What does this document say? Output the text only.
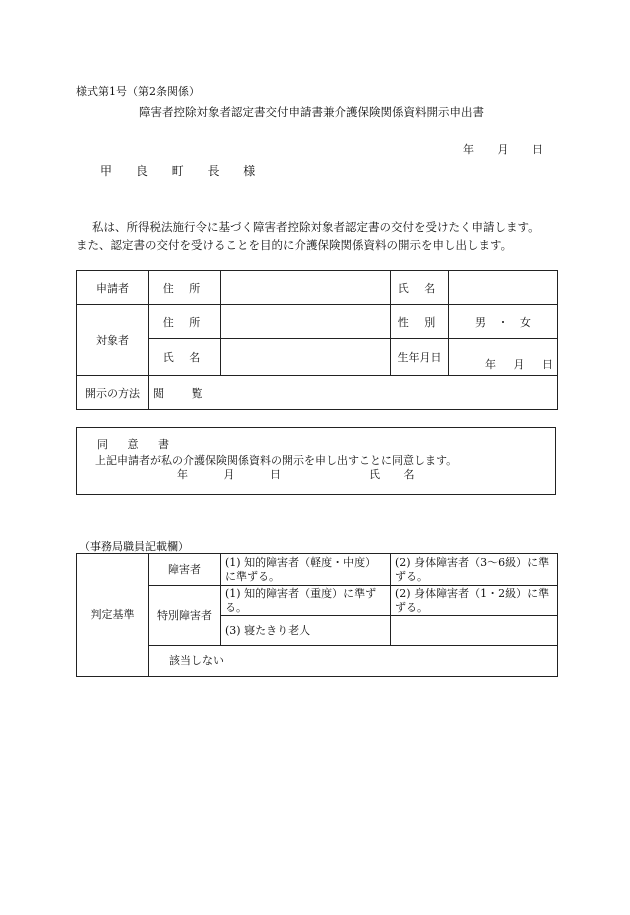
様式第1号（第2条関係）
障害者控除対象者認定書交付申請書兼介護保険関係資料開示申出書
年 月 日
甲 良 町 長 様
私は、所得税法施行令に基づく障害者控除対象者認定書の交付を受けたく申請します。
また、認定書の交付を受けることを目的に介護保険関係資料の開示を申し出します。
申請者	住 所		氏 名	
対象者	住 所		性 別	男 ・ 女
	氏 名		生年月日	年 月 日
開示の方法	閲 覧			
同 意 書
上記申請者が私の介護保険関係資料の開示を申し出すことに同意します。
年 月 日	氏 名
（事務局職員記載欄）
判定基準	障害者	(1) 知的障害者（軽度・中度）に準ずる。	(2) 身体障害者（3～6級）に準ずる。
	特別障害者	(1) 知的障害者（重度）に準ずる。	(2) 身体障害者（1・2級）に準ずる。
		(3) 寝たきり老人	
	該当しない		
